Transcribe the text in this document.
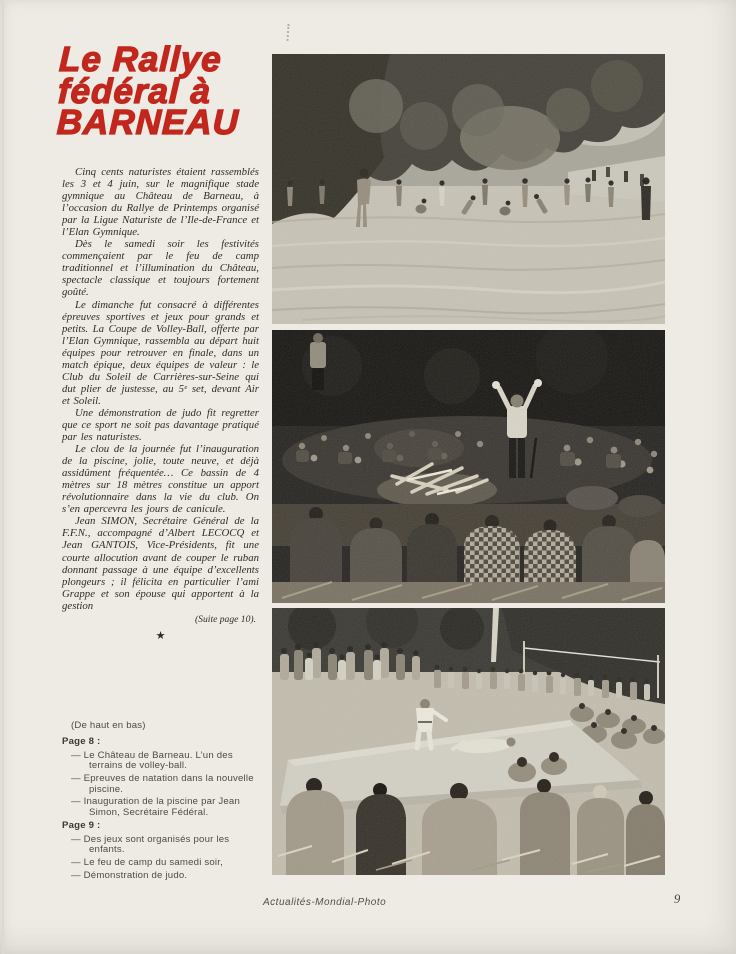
Le Rallye
fédéral à
BARNEAU

Cinq cents naturistes étaient rassemblés les 3 et 4 juin, sur le magnifique stade gymnique au Château de Barneau, à l’occasion du Rallye de Printemps organisé par la Ligue Naturiste de l’Ile-de-France et l’Elan Gymnique.

Dès le samedi soir les festivités commençaient par le feu de camp traditionnel et l’illumination du Château, spectacle classique et toujours fortement goûté.

Le dimanche fut consacré à différentes épreuves sportives et jeux pour grands et petits. La Coupe de Volley-Ball, offerte par l’Elan Gymnique, rassembla au départ huit équipes pour retrouver en finale, dans un match épique, deux équipes de valeur : le Club du Soleil de Carrières-sur-Seine qui dut plier de justesse, au 5ᵉ set, devant Air et Soleil.

Une démonstration de judo fit regretter que ce sport ne soit pas davantage pratiqué par les naturistes.

Le clou de la journée fut l’inauguration de la piscine, jolie, toute neuve, et déjà assidûment fréquentée… Ce bassin de 4 mètres sur 18 mètres constitue un apport révolutionnaire dans la vie du club. On s’en apercevra les jours de canicule.

Jean SIMON, Secrétaire Général de la F.F.N., accompagné d’Albert LECOCQ et Jean GANTOIS, Vice-Présidents, fit une courte allocution avant de couper le ruban donnant passage à une équipe d’excellents plongeurs ; il félicita en particulier l’ami Grappe et son épouse qui apportent à la gestion

(Suite page 10).
★
(De haut en bas)
Page 8 :
— Le Château de Barneau. L’un des terrains de volley-ball.
— Epreuves de natation dans la nouvelle piscine.
— Inauguration de la piscine par Jean Simon, Secrétaire Fédéral.
Page 9 :
— Des jeux sont organisés pour les enfants.
— Le feu de camp du samedi soir,
— Démonstration de judo.
Actualités-Mondial-Photo	9
